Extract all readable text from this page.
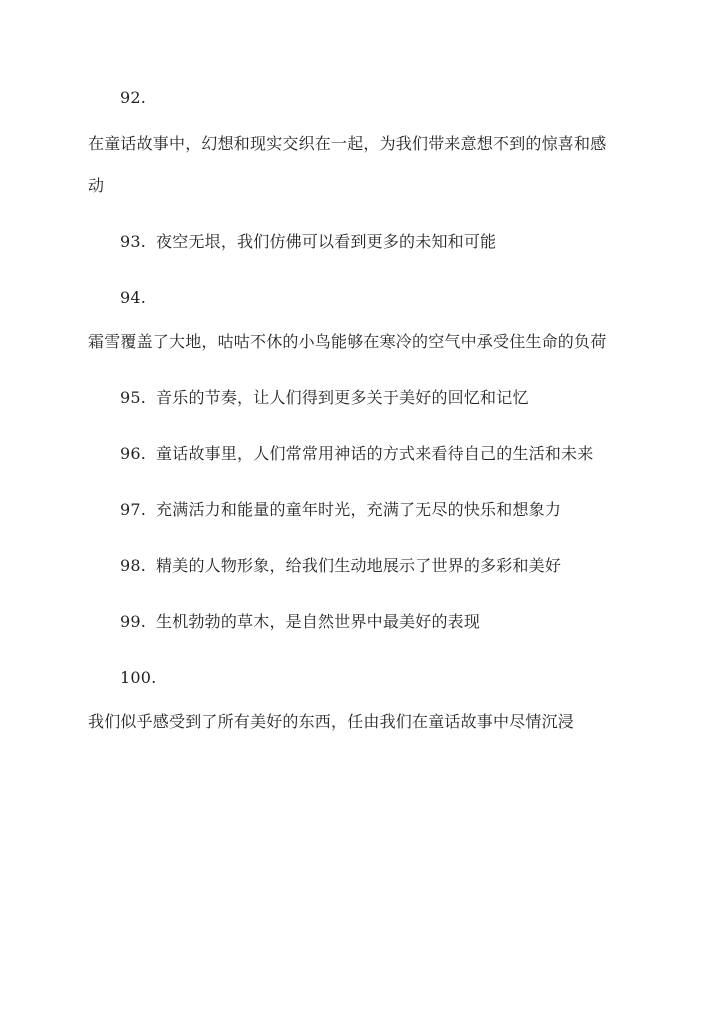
92.
在童话故事中，幻想和现实交织在一起，为我们带来意想不到的惊喜和感
动
93. 夜空无垠，我们仿佛可以看到更多的未知和可能
94.
霜雪覆盖了大地，咕咕不休的小鸟能够在寒冷的空气中承受住生命的负荷
95. 音乐的节奏，让人们得到更多关于美好的回忆和记忆
96. 童话故事里，人们常常用神话的方式来看待自己的生活和未来
97. 充满活力和能量的童年时光，充满了无尽的快乐和想象力
98. 精美的人物形象，给我们生动地展示了世界的多彩和美好
99. 生机勃勃的草木，是自然世界中最美好的表现
100.
我们似乎感受到了所有美好的东西，任由我们在童话故事中尽情沉浸
